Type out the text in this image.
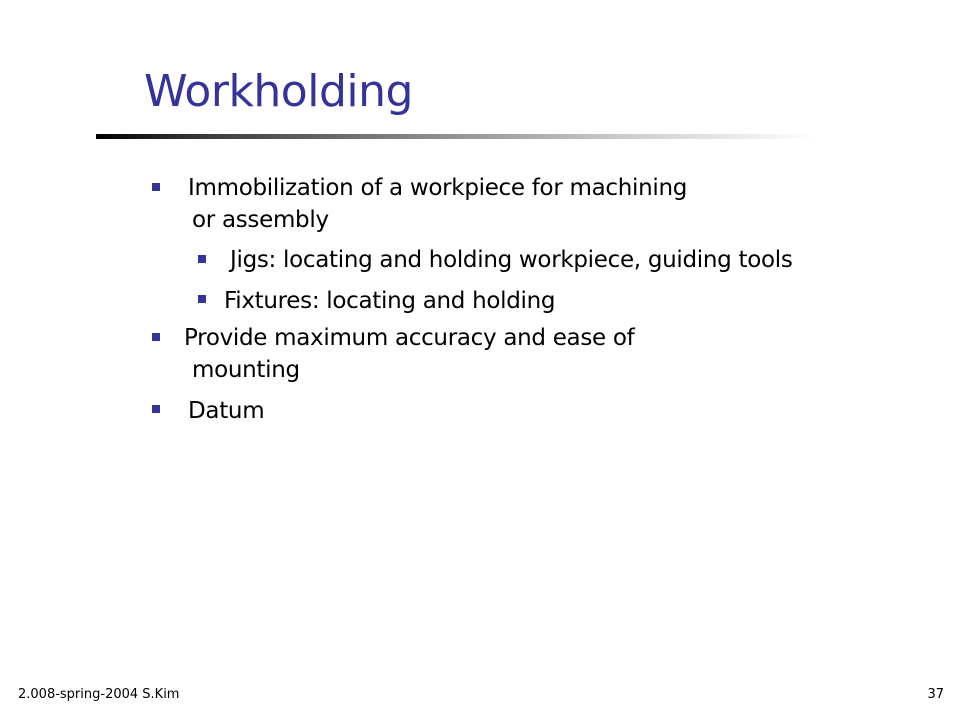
Workholding
Immobilization of a workpiece for machining
or assembly
Jigs: locating and holding workpiece, guiding tools
Fixtures: locating and holding
Provide maximum accuracy and ease of
mounting
Datum
2.008-spring-2004 S.Kim	37
